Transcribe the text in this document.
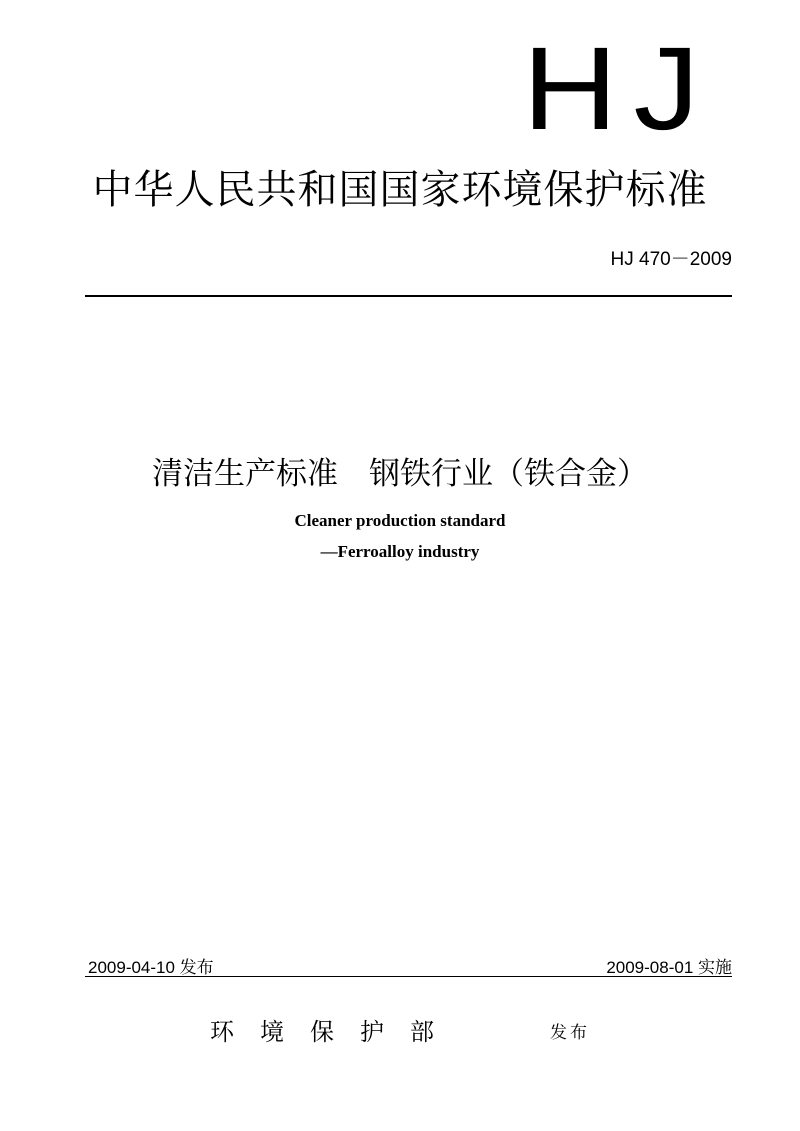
HJ
中华人民共和国国家环境保护标准
HJ 470－2009
清洁生产标准　钢铁行业（铁合金）
Cleaner production standard
—Ferroalloy industry
2009-04-10 发布	2009-08-01 实施
环境保护部	发布
